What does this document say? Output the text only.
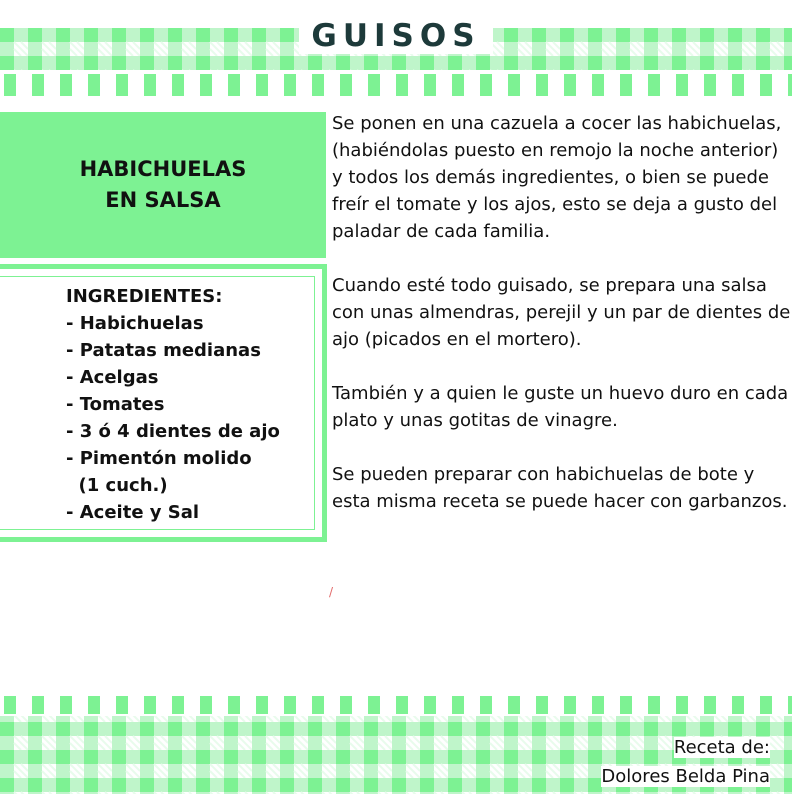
GUISOS
HABICHUELAS
EN SALSA
INGREDIENTES:
- Habichuelas
- Patatas medianas
- Acelgas
- Tomates
- 3 ó 4 dientes de ajo
- Pimentón molido
(1 cuch.)
- Aceite y Sal

Se ponen en una cazuela a cocer las habichuelas, (habiéndolas puesto en remojo la noche anterior) y todos los demás ingredientes, o bien se puede freír el tomate y los ajos, esto se deja a gusto del paladar de cada familia.

Cuando esté todo guisado, se prepara una salsa con unas almendras, perejil y un par de dientes de ajo (picados en el mortero).

También y a quien le guste un huevo duro en cada plato y unas gotitas de vinagre.

Se pueden preparar con habichuelas de bote y esta misma receta se puede hacer con garbanzos.

/
Receta de:
Dolores Belda Pina
